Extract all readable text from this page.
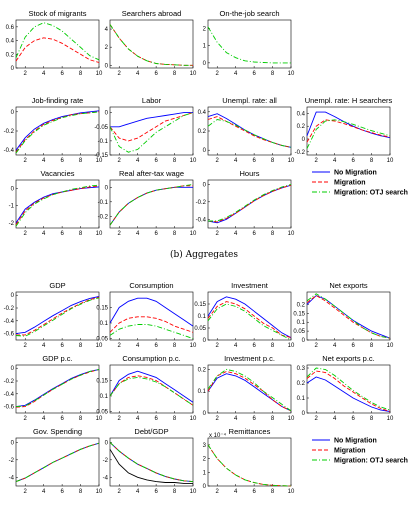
Stock of migrants
2	4	6	8 10
0
0.2
0.4
0.6
Searchers abroad
2	4	6	8 10
0
2
4
On-the-job search
2	4	6	8 10
0
1
2
Job-finding rate
2	4	6	8 10
0
-0.2
-0.4
Labor
2	4	6	8 10
0
-0.05
-0.1
-0.15
Unempl. rate: all
2	4	6	8 10
0
0.2
0.4
Unempl. rate: H searchers
2	4	6	8 10
0.4
0.2
0
-0.2
Vacancies
2	4	6	8 10
0
-1
-2
Real after-tax wage
2	4	6	8 10
0
-0.1
-0.2
Hours
2	4	6	8 10
0
-0.2
-0.4
GDP
2	4	6	8 10
0
-0.2
-0.4
-0.6
Consumption
2	4	6	8 10
0.15
0.1
0.05
Investment
2	4	6	8 10
0.15
0.1
0.05
0
Net exports
2	4	6	8 10
0.2
0.15
0.1
0.05
0
GDP p.c.
2	4	6	8 10
0
-0.2
-0.4
-0.6
Consumption p.c.
2	4	6	8 10
0.15
0.1
0.05
Investment p.c.
2	4	6	8 10
0.2
0.1
0
Net exports p.c.
2	4	6	8 10
0.3
0.2
0.1
0
Gov. Spending
2	4	6	8 10
0
-2
-4
Debt/GDP
2	4	6	8 10
0
-2
-4
Remittances
2	4	6	8 10
3
2
1
0
x 10⁻⁴
No Migration
Migration
Migration: OTJ search
No Migration
Migration
Migration: OTJ search
(b) Aggregates
